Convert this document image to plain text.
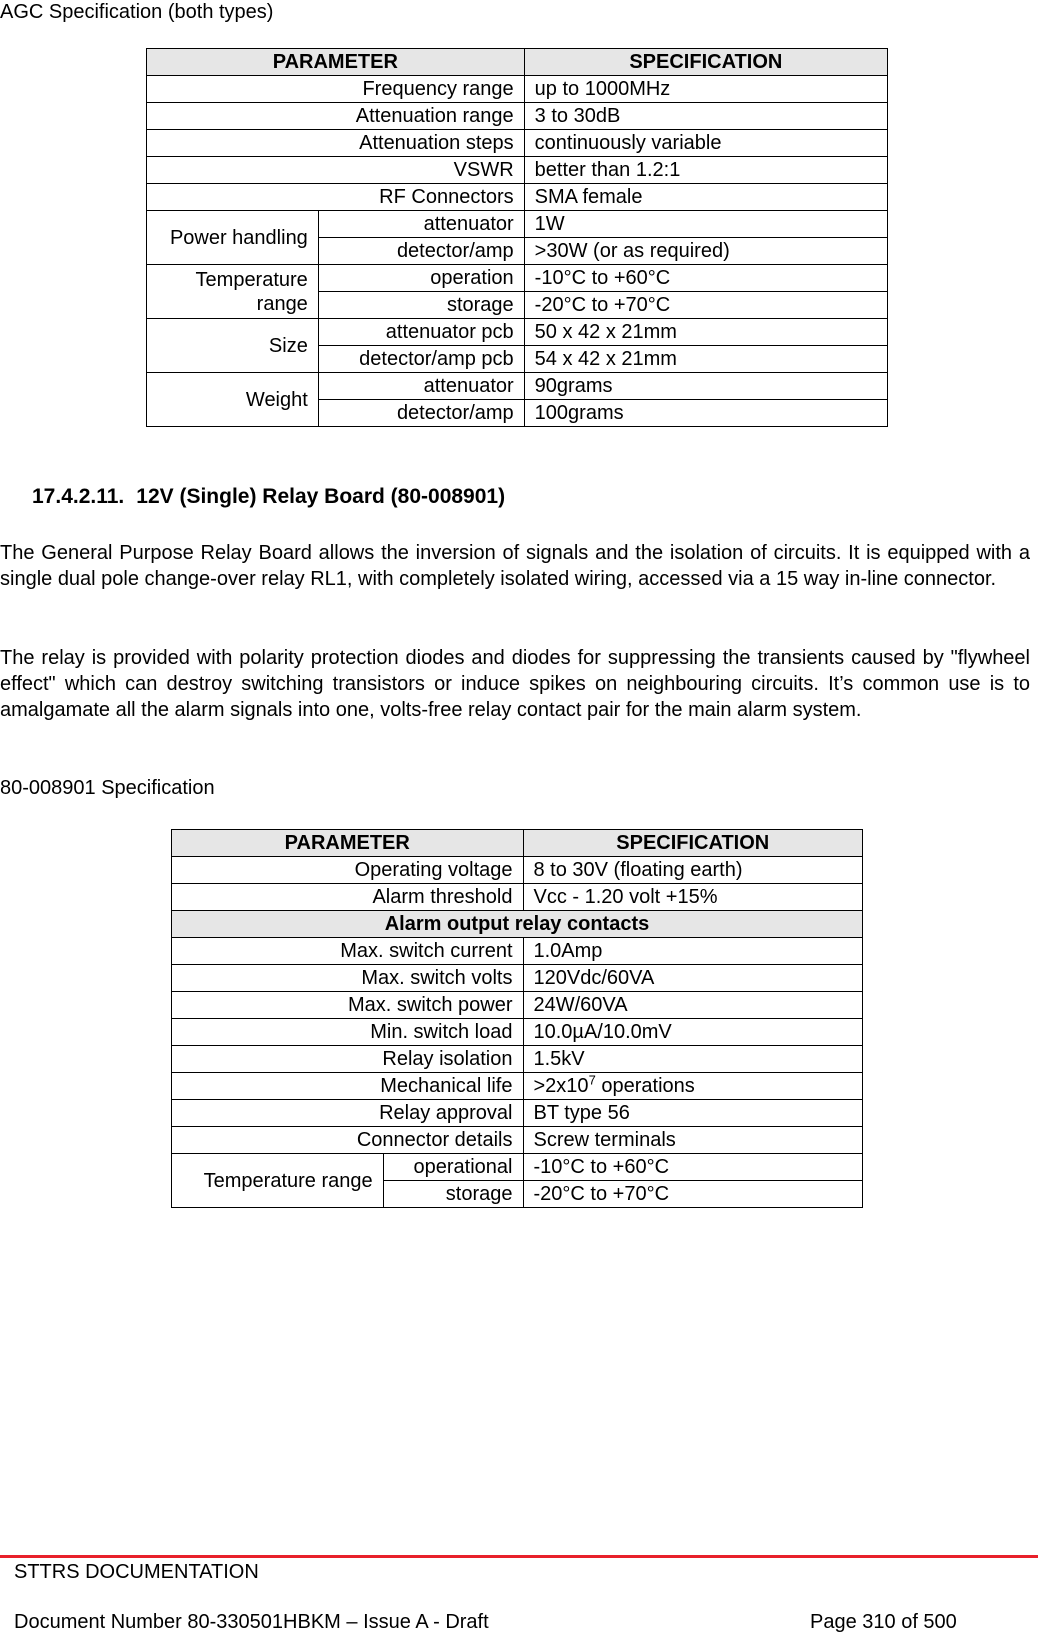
AGC Specification (both types)

PARAMETER		SPECIFICATION
Frequency range		up to 1000MHz
Attenuation range		3 to 30dB
Attenuation steps		continuously variable
VSWR		better than 1.2:1
RF Connectors		SMA female
Power handling	attenuator	1W
	detector/amp	>30W (or as required)
Temperature range	operation	-10°C to +60°C
	storage	-20°C to +70°C
Size	attenuator pcb	50 x 42 x 21mm
	detector/amp pcb	54 x 42 x 21mm
Weight	attenuator	90grams
	detector/amp	100grams
17.4.2.11. 12V (Single) Relay Board (80-008901)

The General Purpose Relay Board allows the inversion of signals and the isolation of circuits. It is equipped with a single dual pole change-over relay RL1, with completely isolated wiring, accessed via a 15 way in-line connector.

The relay is provided with polarity protection diodes and diodes for suppressing the transients caused by "flywheel effect" which can destroy switching transistors or induce spikes on neighbouring circuits. It’s common use is to amalgamate all the alarm signals into one, volts-free relay contact pair for the main alarm system.

80-008901 Specification

PARAMETER		SPECIFICATION
Operating voltage		8 to 30V (floating earth)
Alarm threshold		Vcc - 1.20 volt +15%
Alarm output relay contacts		
Max. switch current		1.0Amp
Max. switch volts		120Vdc/60VA
Max. switch power		24W/60VA
Min. switch load		10.0µA/10.0mV
Relay isolation		1.5kV
Mechanical life		$>2x10^7$ operations
Relay approval		BT type 56
Connector details		Screw terminals
Temperature range	operational	-10°C to +60°C
	storage	-20°C to +70°C
STTRS DOCUMENTATION
Document Number 80-330501HBKM – Issue A - Draft	Page 310 of 500
